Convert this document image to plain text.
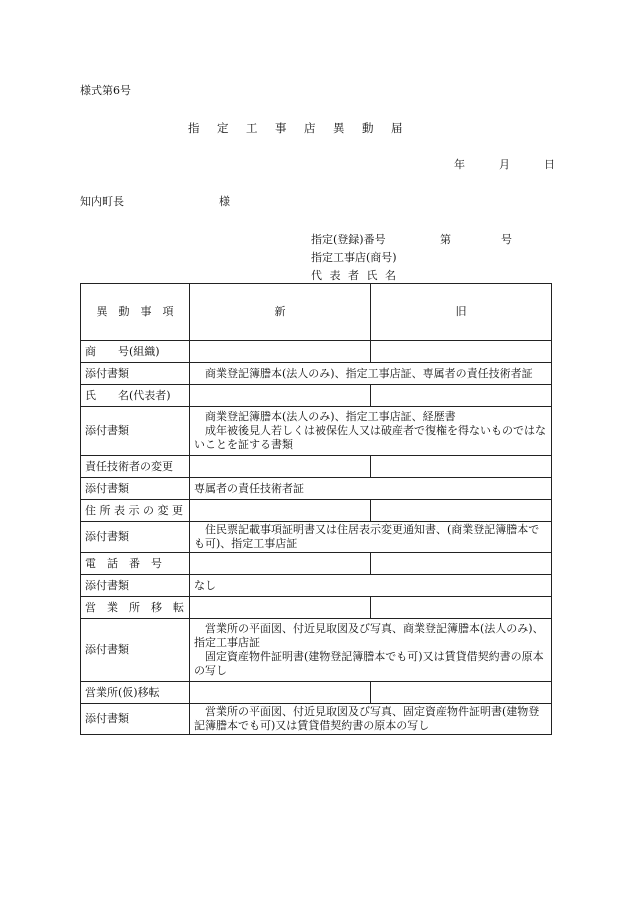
様式第6号
指　定　工　事　店　異　動　届
年　　月　　日
知内町長	様
指定(登録)番号	第	号
指定工事店(商号)
代 表 者 氏 名
異　動　事　項	新	旧
商　　号(組織)		
添付書類	商業登記簿謄本(法人のみ)、指定工事店証、専属者の責任技術者証	
氏　　名(代表者)		
添付書類	商業登記簿謄本(法人のみ)、指定工事店証、経歴書
成年被後見人若しくは被保佐人又は破産者で復権を得ないものではないことを証する書類	

責任技術者の変更		
添付書類	専属者の責任技術者証	
住 所 表 示 の 変 更		
添付書類	住民票記載事項証明書又は住居表示変更通知書、(商業登記簿謄本でも可)、指定工事店証	
電　話　番　号		
添付書類	なし	
営　業　所　移　転		
添付書類	営業所の平面図、付近見取図及び写真、商業登記簿謄本(法人のみ)、指定工事店証
固定資産物件証明書(建物登記簿謄本でも可)又は賃貸借契約書の原本の写し	

営業所(仮)移転		
添付書類	営業所の平面図、付近見取図及び写真、固定資産物件証明書(建物登記簿謄本でも可)又は賃貸借契約書の原本の写し	
